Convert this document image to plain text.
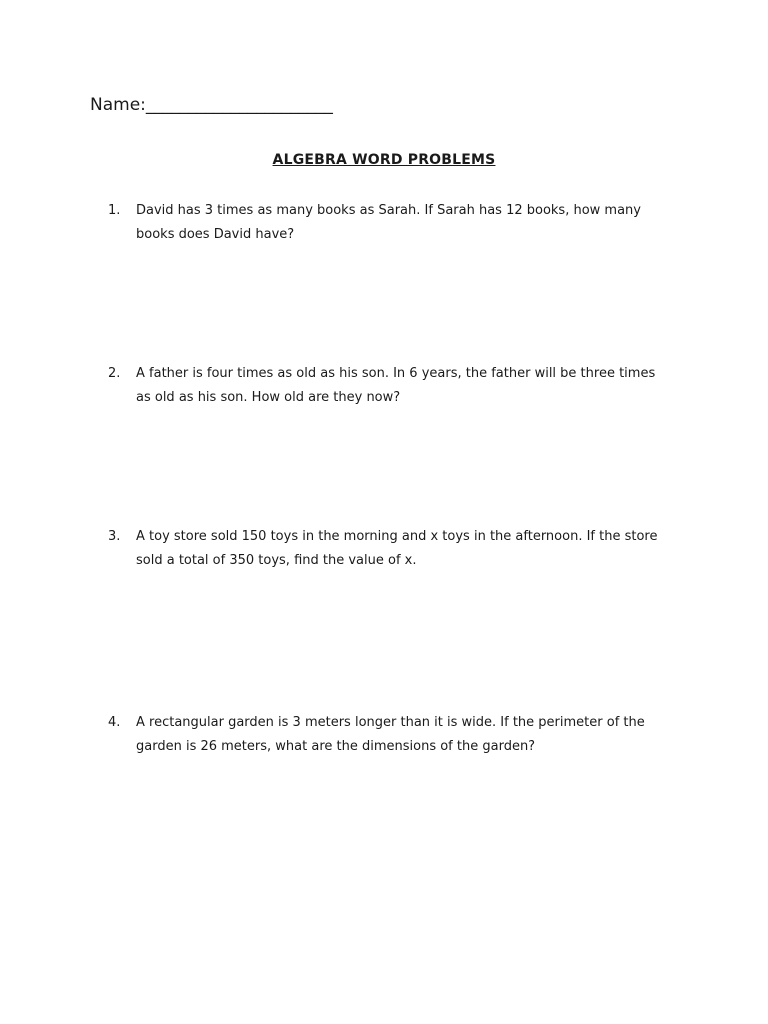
Name:______________________
ALGEBRA WORD PROBLEMS
1.	David has 3 times as many books as Sarah. If Sarah has 12 books, how many books does David have?
2.	A father is four times as old as his son. In 6 years, the father will be three times as old as his son. How old are they now?
3.	A toy store sold 150 toys in the morning and x toys in the afternoon. If the store sold a total of 350 toys, find the value of x.
4.	A rectangular garden is 3 meters longer than it is wide. If the perimeter of the garden is 26 meters, what are the dimensions of the garden?
